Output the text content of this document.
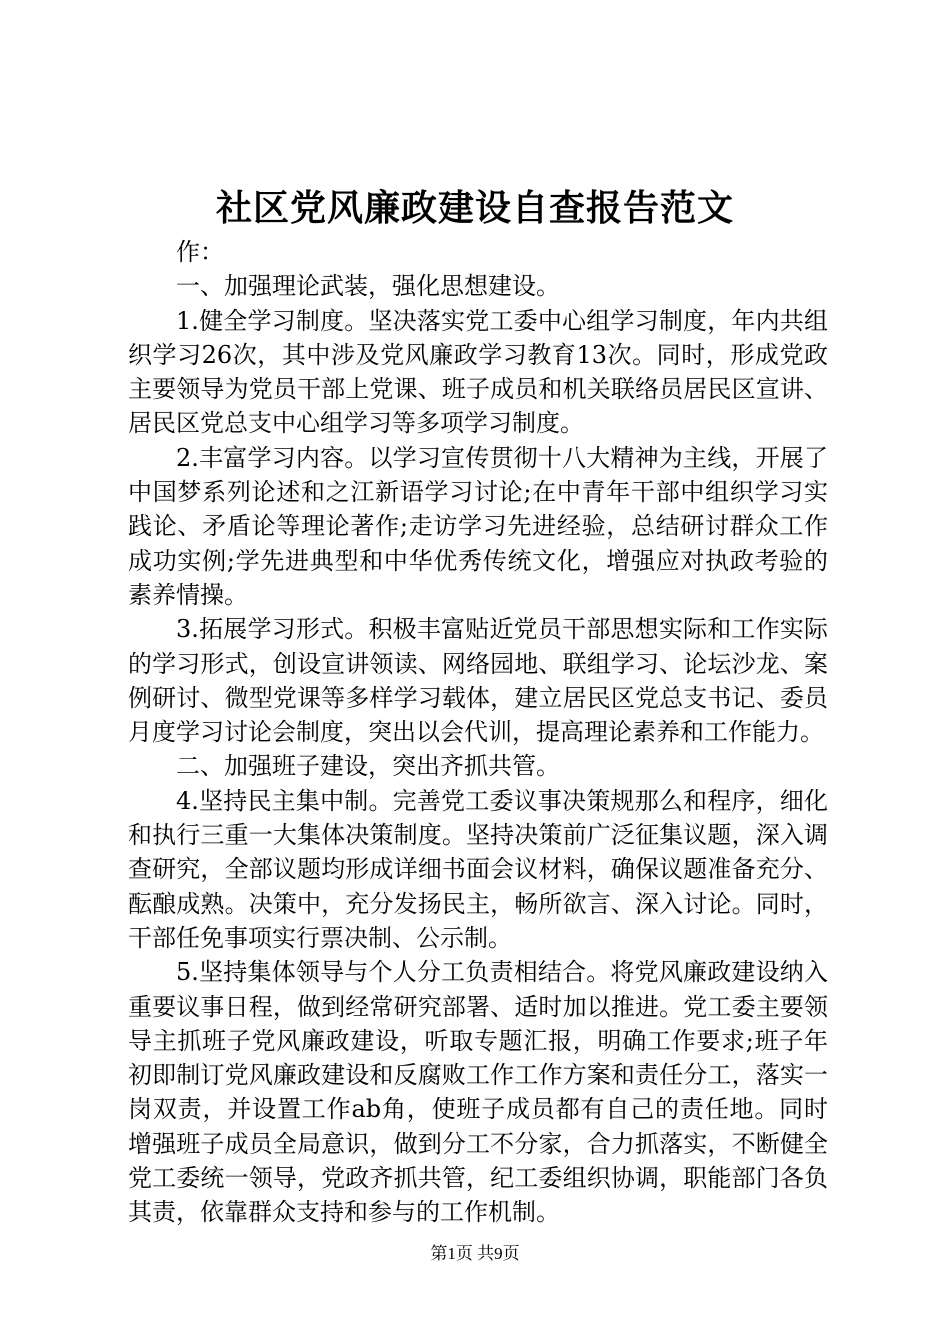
社区党风廉政建设自查报告范文

作：

一、加强理论武装，强化思想建设。

1.健全学习制度。坚决落实党工委中心组学习制度，年内共组织学习26次，其中涉及党风廉政学习教育13次。同时，形成党政主要领导为党员干部上党课、班子成员和机关联络员居民区宣讲、居民区党总支中心组学习等多项学习制度。

2.丰富学习内容。以学习宣传贯彻十八大精神为主线，开展了中国梦系列论述和之江新语学习讨论;在中青年干部中组织学习实践论、矛盾论等理论著作;走访学习先进经验，总结研讨群众工作成功实例;学先进典型和中华优秀传统文化，增强应对执政考验的素养情操。

3.拓展学习形式。积极丰富贴近党员干部思想实际和工作实际的学习形式，创设宣讲领读、网络园地、联组学习、论坛沙龙、案例研讨、微型党课等多样学习载体，建立居民区党总支书记、委员月度学习讨论会制度，突出以会代训，提高理论素养和工作能力。

二、加强班子建设，突出齐抓共管。

4.坚持民主集中制。完善党工委议事决策规那么和程序，细化和执行三重一大集体决策制度。坚持决策前广泛征集议题，深入调查研究，全部议题均形成详细书面会议材料，确保议题准备充分、酝酿成熟。决策中，充分发扬民主，畅所欲言、深入讨论。同时，干部任免事项实行票决制、公示制。

5.坚持集体领导与个人分工负责相结合。将党风廉政建设纳入重要议事日程，做到经常研究部署、适时加以推进。党工委主要领导主抓班子党风廉政建设，听取专题汇报，明确工作要求;班子年初即制订党风廉政建设和反腐败工作工作方案和责任分工，落实一岗双责，并设置工作ab角，使班子成员都有自己的责任地。同时增强班子成员全局意识，做到分工不分家，合力抓落实，不断健全党工委统一领导，党政齐抓共管，纪工委组织协调，职能部门各负其责，依靠群众支持和参与的工作机制。

第1页 共9页
